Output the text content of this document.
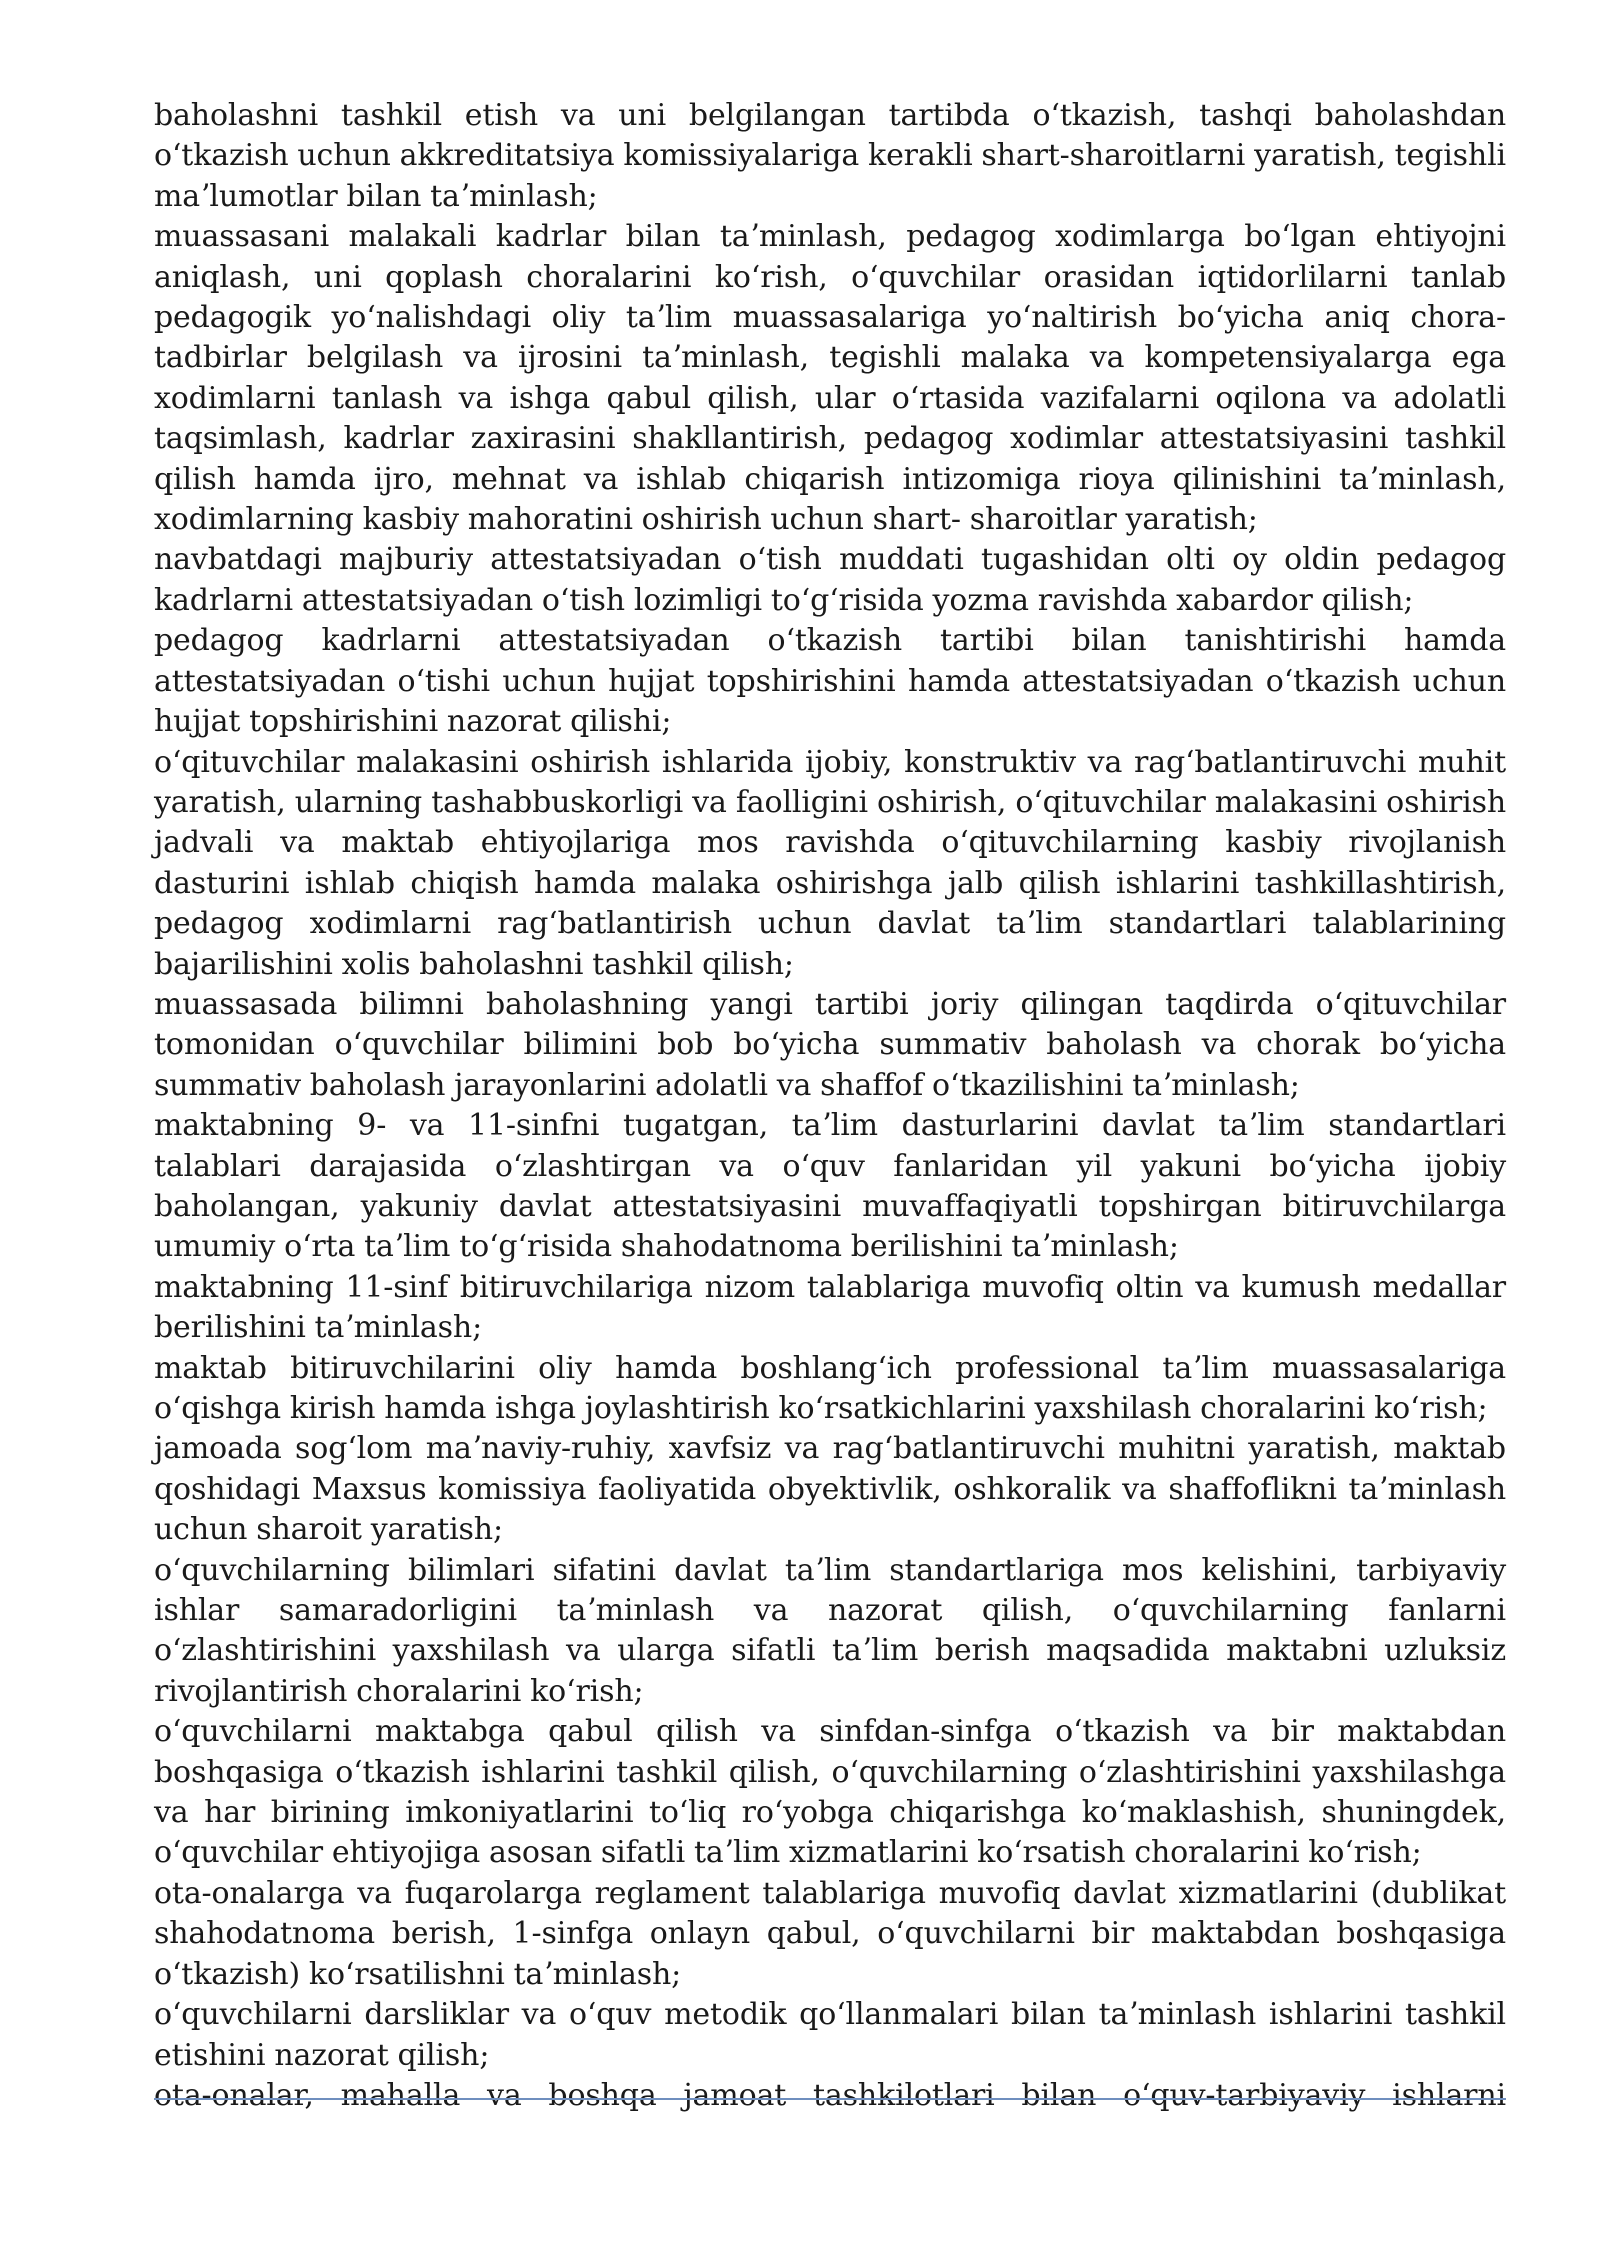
baholashni tashkil etish va uni belgilangan tartibda oʻtkazish, tashqi baholashdan oʻtkazish uchun akkreditatsiya komissiyalariga kerakli shart-sharoitlarni yaratish, tegishli maʼlumotlar bilan taʼminlash;

muassasani malakali kadrlar bilan taʼminlash, pedagog xodimlarga boʻlgan ehtiyojni aniqlash, uni qoplash choralarini koʻrish, oʻquvchilar orasidan iqtidorlilarni tanlab pedagogik yoʻnalishdagi oliy taʼlim muassasalariga yoʻnaltirish boʻyicha aniq chora-tadbirlar belgilash va ijrosini taʼminlash, tegishli malaka va kompetensiyalarga ega xodimlarni tanlash va ishga qabul qilish, ular oʻrtasida vazifalarni oqilona va adolatli taqsimlash, kadrlar zaxirasini shakllantirish, pedagog xodimlar attestatsiyasini tashkil qilish hamda ijro, mehnat va ishlab chiqarish intizomiga rioya qilinishini taʼminlash, xodimlarning kasbiy mahoratini oshirish uchun shart- sharoitlar yaratish;

navbatdagi majburiy attestatsiyadan oʻtish muddati tugashidan olti oy oldin pedagog kadrlarni attestatsiyadan oʻtish lozimligi toʻgʻrisida yozma ravishda xabardor qilish;

pedagog kadrlarni attestatsiyadan oʻtkazish tartibi bilan tanishtirishi hamda attestatsiyadan oʻtishi uchun hujjat topshirishini hamda attestatsiyadan oʻtkazish uchun hujjat topshirishini nazorat qilishi;

oʻqituvchilar malakasini oshirish ishlarida ijobiy, konstruktiv va ragʻbatlantiruvchi muhit yaratish, ularning tashabbuskorligi va faolligini oshirish, oʻqituvchilar malakasini oshirish jadvali va maktab ehtiyojlariga mos ravishda oʻqituvchilarning kasbiy rivojlanish dasturini ishlab chiqish hamda malaka oshirishga jalb qilish ishlarini tashkillashtirish, pedagog xodimlarni ragʻbatlantirish uchun davlat taʼlim standartlari talablarining bajarilishini xolis baholashni tashkil qilish;

muassasada bilimni baholashning yangi tartibi joriy qilingan taqdirda oʻqituvchilar tomonidan oʻquvchilar bilimini bob boʻyicha summativ baholash va chorak boʻyicha summativ baholash jarayonlarini adolatli va shaffof oʻtkazilishini taʼminlash;

maktabning 9- va 11-sinfni tugatgan, taʼlim dasturlarini davlat taʼlim standartlari talablari darajasida oʻzlashtirgan va oʻquv fanlaridan yil yakuni boʻyicha ijobiy baholangan, yakuniy davlat attestatsiyasini muvaffaqiyatli topshirgan bitiruvchilarga umumiy oʻrta taʼlim toʻgʻrisida shahodatnoma berilishini taʼminlash;

maktabning 11-sinf bitiruvchilariga nizom talablariga muvofiq oltin va kumush medallar berilishini taʼminlash;

maktab bitiruvchilarini oliy hamda boshlangʻich professional taʼlim muassasalariga oʻqishga kirish hamda ishga joylashtirish koʻrsatkichlarini yaxshilash choralarini koʻrish;

jamoada sogʻlom maʼnaviy-ruhiy, xavfsiz va ragʻbatlantiruvchi muhitni yaratish, maktab qoshidagi Maxsus komissiya faoliyatida obyektivlik, oshkoralik va shaffoflikni taʼminlash uchun sharoit yaratish;

oʻquvchilarning bilimlari sifatini davlat taʼlim standartlariga mos kelishini, tarbiyaviy ishlar samaradorligini taʼminlash va nazorat qilish, oʻquvchilarning fanlarni oʻzlashtirishini yaxshilash va ularga sifatli taʼlim berish maqsadida maktabni uzluksiz rivojlantirish choralarini koʻrish;

oʻquvchilarni maktabga qabul qilish va sinfdan-sinfga oʻtkazish va bir maktabdan boshqasiga oʻtkazish ishlarini tashkil qilish, oʻquvchilarning oʻzlashtirishini yaxshilashga va har birining imkoniyatlarini toʻliq roʻyobga chiqarishga koʻmaklashish, shuningdek, oʻquvchilar ehtiyojiga asosan sifatli taʼlim xizmatlarini koʻrsatish choralarini koʻrish;

ota-onalarga va fuqarolarga reglament talablariga muvofiq davlat xizmatlarini (dublikat shahodatnoma berish, 1-sinfga onlayn qabul, oʻquvchilarni bir maktabdan boshqasiga oʻtkazish) koʻrsatilishni taʼminlash;

oʻquvchilarni darsliklar va oʻquv metodik qoʻllanmalari bilan taʼminlash ishlarini tashkil etishini nazorat qilish;

ota-onalar, mahalla va boshqa jamoat tashkilotlari bilan oʻquv-tarbiyaviy ishlarni
